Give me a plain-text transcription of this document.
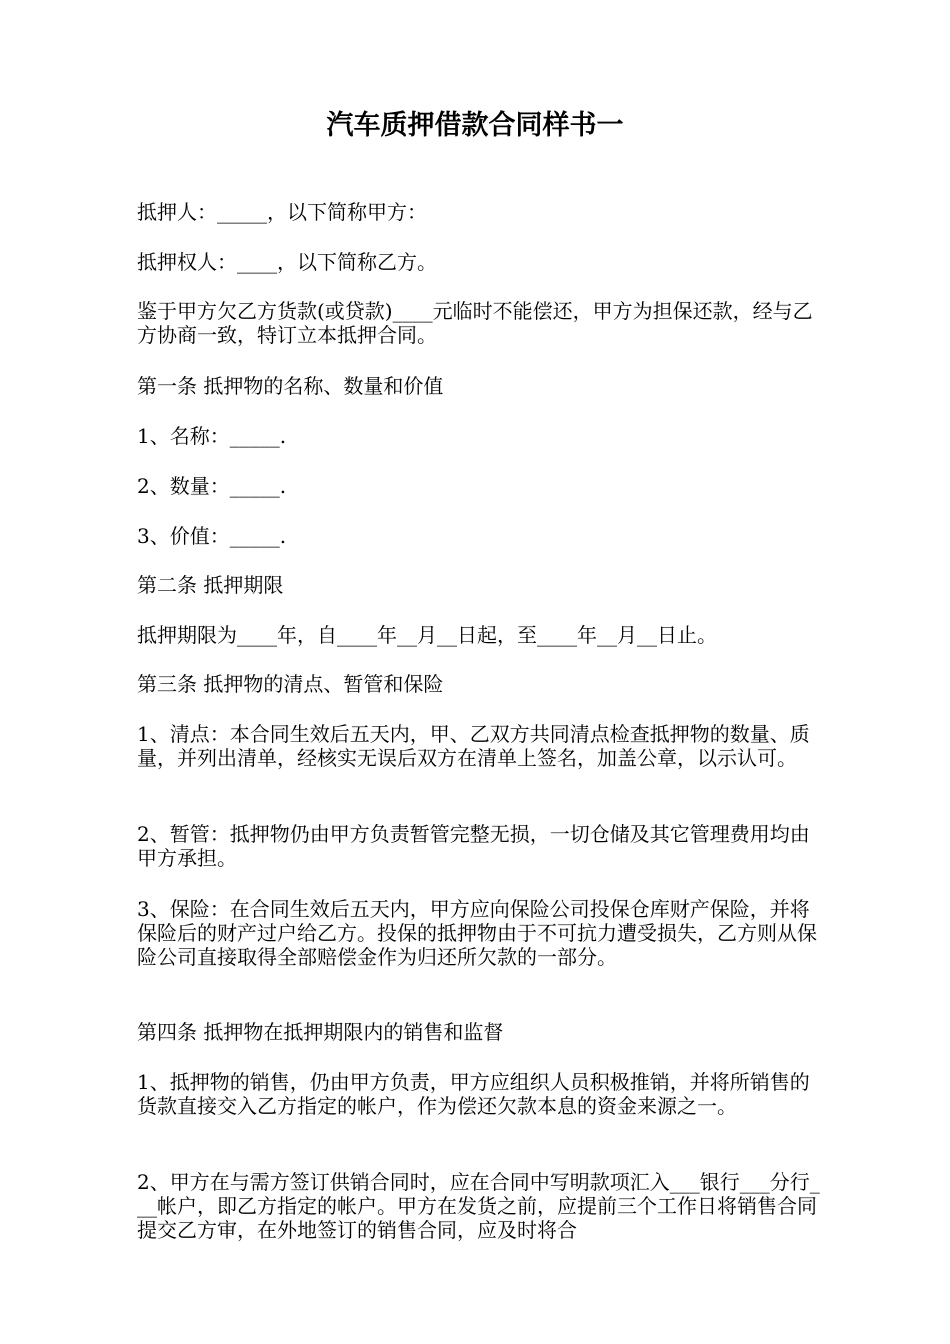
汽车质押借款合同样书一

抵押人：_____，以下简称甲方：

抵押权人：____，以下简称乙方。

鉴于甲方欠乙方货款(或贷款)____元临时不能偿还，甲方为担保还款，经与乙方协商一致，特订立本抵押合同。

第一条 抵押物的名称、数量和价值

1、名称：_____.

2、数量：_____.

3、价值：_____.

第二条 抵押期限

抵押期限为____年，自____年__月__日起，至____年__月__日止。

第三条 抵押物的清点、暂管和保险

1、清点：本合同生效后五天内，甲、乙双方共同清点检查抵押物的数量、质量，并列出清单，经核实无误后双方在清单上签名，加盖公章，以示认可。

2、暂管：抵押物仍由甲方负责暂管完整无损，一切仓储及其它管理费用均由甲方承担。

3、保险：在合同生效后五天内，甲方应向保险公司投保仓库财产保险，并将保险后的财产过户给乙方。投保的抵押物由于不可抗力遭受损失，乙方则从保险公司直接取得全部赔偿金作为归还所欠款的一部分。

第四条 抵押物在抵押期限内的销售和监督

1、抵押物的销售，仍由甲方负责，甲方应组织人员积极推销，并将所销售的货款直接交入乙方指定的帐户，作为偿还欠款本息的资金来源之一。

2、甲方在与需方签订供销合同时，应在合同中写明款项汇入___银行___分行___帐户，即乙方指定的帐户。甲方在发货之前，应提前三个工作日将销售合同提交乙方审，在外地签订的销售合同，应及时将合
